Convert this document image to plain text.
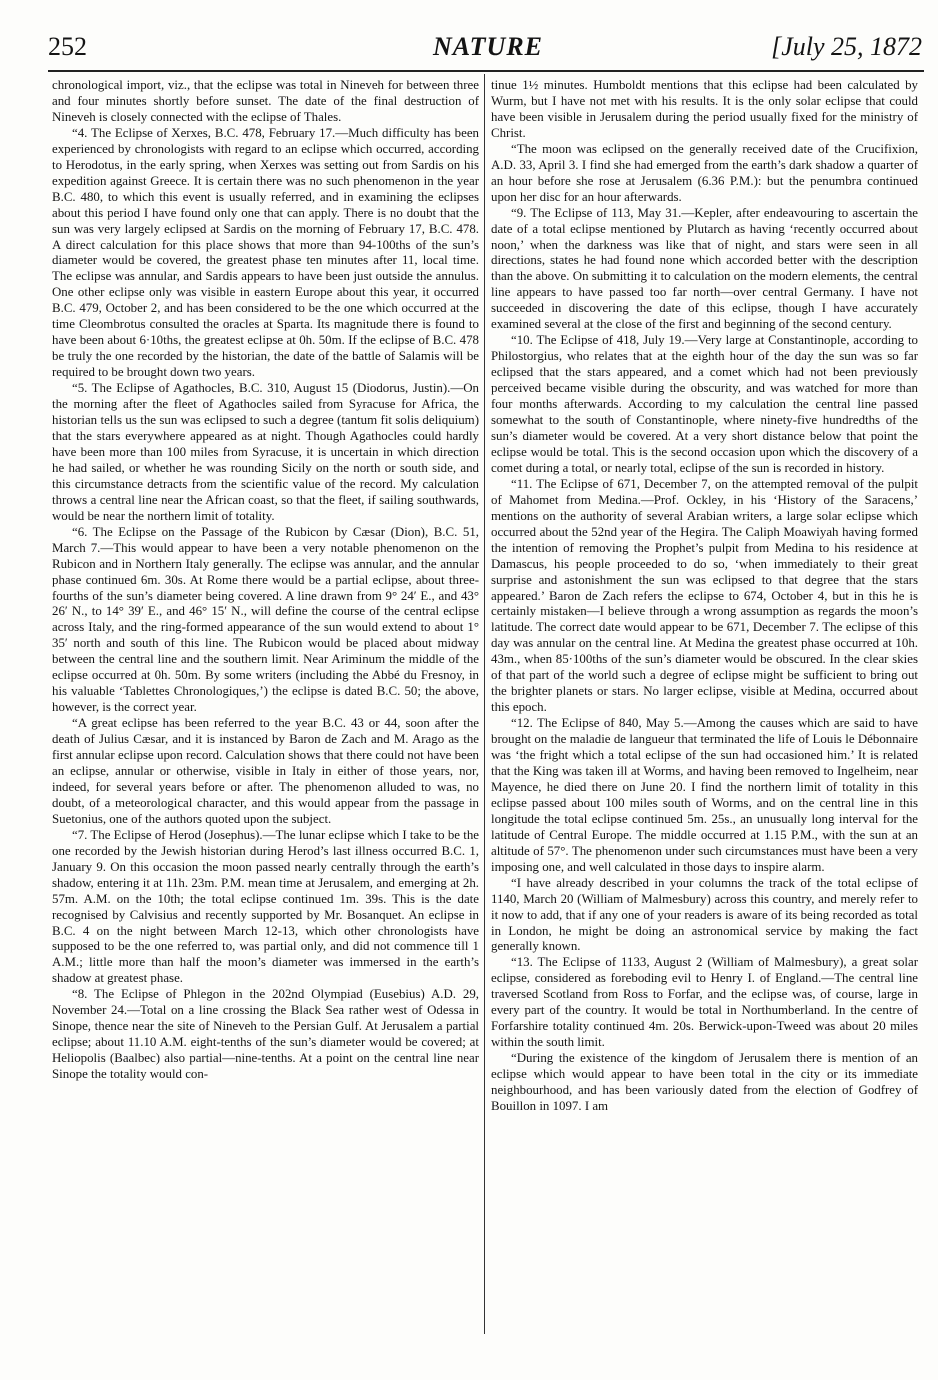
252	NATURE	[July 25, 1872

chronological import, viz., that the eclipse was total in Nineveh for between three and four minutes shortly before sunset. The date of the final destruction of Nineveh is closely connected with the eclipse of Thales.

“4. The Eclipse of Xerxes, B.C. 478, February 17.—Much difficulty has been experienced by chronologists with regard to an eclipse which occurred, according to Herodotus, in the early spring, when Xerxes was setting out from Sardis on his expedition against Greece. It is certain there was no such phenomenon in the year B.C. 480, to which this event is usually referred, and in examining the eclipses about this period I have found only one that can apply. There is no doubt that the sun was very largely eclipsed at Sardis on the morning of February 17, B.C. 478. A direct calculation for this place shows that more than 94-100ths of the sun’s diameter would be covered, the greatest phase ten minutes after 11, local time. The eclipse was annular, and Sardis appears to have been just outside the annulus. One other eclipse only was visible in eastern Europe about this year, it occurred B.C. 479, October 2, and has been considered to be the one which occurred at the time Cleombrotus consulted the oracles at Sparta. Its magnitude there is found to have been about 6·10ths, the greatest eclipse at 0h. 50m. If the eclipse of B.C. 478 be truly the one recorded by the historian, the date of the battle of Salamis will be required to be brought down two years.

“5. The Eclipse of Agathocles, B.C. 310, August 15 (Diodorus, Justin).—On the morning after the fleet of Agathocles sailed from Syracuse for Africa, the historian tells us the sun was eclipsed to such a degree (tantum fit solis deliquium) that the stars everywhere appeared as at night. Though Agathocles could hardly have been more than 100 miles from Syracuse, it is uncertain in which direction he had sailed, or whether he was rounding Sicily on the north or south side, and this circumstance detracts from the scientific value of the record. My calculation throws a central line near the African coast, so that the fleet, if sailing southwards, would be near the northern limit of totality.

“6. The Eclipse on the Passage of the Rubicon by Cæsar (Dion), B.C. 51, March 7.—This would appear to have been a very notable phenomenon on the Rubicon and in Northern Italy generally. The eclipse was annular, and the annular phase continued 6m. 30s. At Rome there would be a partial eclipse, about three-fourths of the sun’s diameter being covered. A line drawn from 9° 24′ E., and 43° 26′ N., to 14° 39′ E., and 46° 15′ N., will define the course of the central eclipse across Italy, and the ring-formed appearance of the sun would extend to about 1° 35′ north and south of this line. The Rubicon would be placed about midway between the central line and the southern limit. Near Ariminum the middle of the eclipse occurred at 0h. 50m. By some writers (including the Abbé du Fresnoy, in his valuable ‘Tablettes Chronologiques,’) the eclipse is dated B.C. 50; the above, however, is the correct year.

“A great eclipse has been referred to the year B.C. 43 or 44, soon after the death of Julius Cæsar, and it is instanced by Baron de Zach and M. Arago as the first annular eclipse upon record. Calculation shows that there could not have been an eclipse, annular or otherwise, visible in Italy in either of those years, nor, indeed, for several years before or after. The phenomenon alluded to was, no doubt, of a meteorological character, and this would appear from the passage in Suetonius, one of the authors quoted upon the subject.

“7. The Eclipse of Herod (Josephus).—The lunar eclipse which I take to be the one recorded by the Jewish historian during Herod’s last illness occurred B.C. 1, January 9. On this occasion the moon passed nearly centrally through the earth’s shadow, entering it at 11h. 23m. P.M. mean time at Jerusalem, and emerging at 2h. 57m. A.M. on the 10th; the total eclipse continued 1m. 39s. This is the date recognised by Calvisius and recently supported by Mr. Bosanquet. An eclipse in B.C. 4 on the night between March 12-13, which other chronologists have supposed to be the one referred to, was partial only, and did not commence till 1 A.M.; little more than half the moon’s diameter was immersed in the earth’s shadow at greatest phase.

“8. The Eclipse of Phlegon in the 202nd Olympiad (Eusebius) A.D. 29, November 24.—Total on a line crossing the Black Sea rather west of Odessa in Sinope, thence near the site of Nineveh to the Persian Gulf. At Jerusalem a partial eclipse; about 11.10 A.M. eight-tenths of the sun’s diameter would be covered; at Heliopolis (Baalbec) also partial—nine-tenths. At a point on the central line near Sinope the totality would con-

tinue 1½ minutes. Humboldt mentions that this eclipse had been calculated by Wurm, but I have not met with his results. It is the only solar eclipse that could have been visible in Jerusalem during the period usually fixed for the ministry of Christ.

“The moon was eclipsed on the generally received date of the Crucifixion, A.D. 33, April 3. I find she had emerged from the earth’s dark shadow a quarter of an hour before she rose at Jerusalem (6.36 P.M.): but the penumbra continued upon her disc for an hour afterwards.

“9. The Eclipse of 113, May 31.—Kepler, after endeavouring to ascertain the date of a total eclipse mentioned by Plutarch as having ‘recently occurred about noon,’ when the darkness was like that of night, and stars were seen in all directions, states he had found none which accorded better with the description than the above. On submitting it to calculation on the modern elements, the central line appears to have passed too far north—over central Germany. I have not succeeded in discovering the date of this eclipse, though I have accurately examined several at the close of the first and beginning of the second century.

“10. The Eclipse of 418, July 19.—Very large at Constantinople, according to Philostorgius, who relates that at the eighth hour of the day the sun was so far eclipsed that the stars appeared, and a comet which had not been previously perceived became visible during the obscurity, and was watched for more than four months afterwards. According to my calculation the central line passed somewhat to the south of Constantinople, where ninety-five hundredths of the sun’s diameter would be covered. At a very short distance below that point the eclipse would be total. This is the second occasion upon which the discovery of a comet during a total, or nearly total, eclipse of the sun is recorded in history.

“11. The Eclipse of 671, December 7, on the attempted removal of the pulpit of Mahomet from Medina.—Prof. Ockley, in his ‘History of the Saracens,’ mentions on the authority of several Arabian writers, a large solar eclipse which occurred about the 52nd year of the Hegira. The Caliph Moawiyah having formed the intention of removing the Prophet’s pulpit from Medina to his residence at Damascus, his people proceeded to do so, ‘when immediately to their great surprise and astonishment the sun was eclipsed to that degree that the stars appeared.’ Baron de Zach refers the eclipse to 674, October 4, but in this he is certainly mistaken—I believe through a wrong assumption as regards the moon’s latitude. The correct date would appear to be 671, December 7. The eclipse of this day was annular on the central line. At Medina the greatest phase occurred at 10h. 43m., when 85·100ths of the sun’s diameter would be obscured. In the clear skies of that part of the world such a degree of eclipse might be sufficient to bring out the brighter planets or stars. No larger eclipse, visible at Medina, occurred about this epoch.

“12. The Eclipse of 840, May 5.—Among the causes which are said to have brought on the maladie de langueur that terminated the life of Louis le Débonnaire was ‘the fright which a total eclipse of the sun had occasioned him.’ It is related that the King was taken ill at Worms, and having been removed to Ingelheim, near Mayence, he died there on June 20. I find the northern limit of totality in this eclipse passed about 100 miles south of Worms, and on the central line in this longitude the total eclipse continued 5m. 25s., an unusually long interval for the latitude of Central Europe. The middle occurred at 1.15 P.M., with the sun at an altitude of 57°. The phenomenon under such circumstances must have been a very imposing one, and well calculated in those days to inspire alarm.

“I have already described in your columns the track of the total eclipse of 1140, March 20 (William of Malmesbury) across this country, and merely refer to it now to add, that if any one of your readers is aware of its being recorded as total in London, he might be doing an astronomical service by making the fact generally known.

“13. The Eclipse of 1133, August 2 (William of Malmesbury), a great solar eclipse, considered as foreboding evil to Henry I. of England.—The central line traversed Scotland from Ross to Forfar, and the eclipse was, of course, large in every part of the country. It would be total in Northumberland. In the centre of Forfarshire totality continued 4m. 20s. Berwick-upon-Tweed was about 20 miles within the south limit.

“During the existence of the kingdom of Jerusalem there is mention of an eclipse which would appear to have been total in the city or its immediate neighbourhood, and has been variously dated from the election of Godfrey of Bouillon in 1097. I am
